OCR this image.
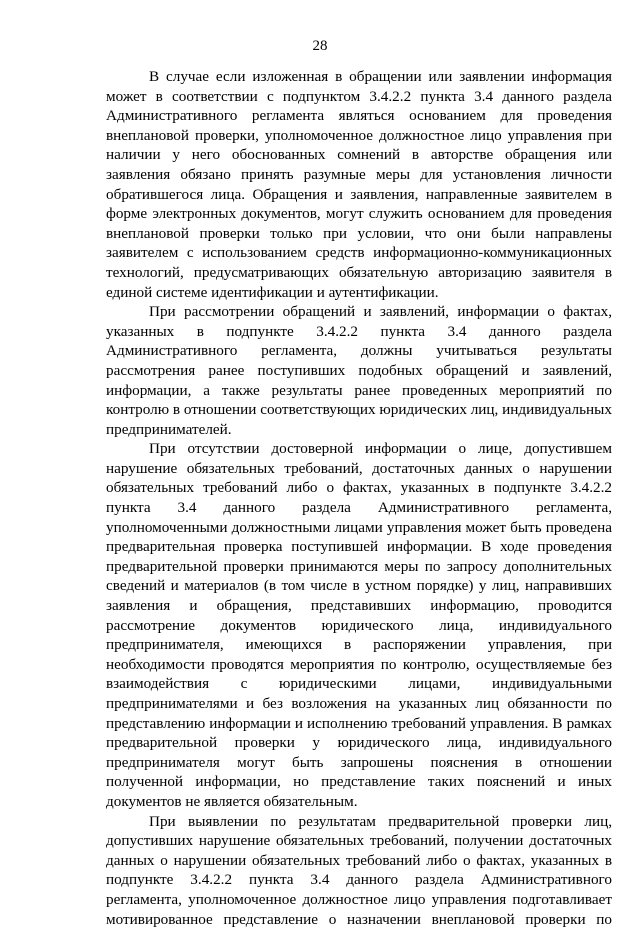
28
В случае если изложенная в обращении или заявлении информация
может в соответствии с подпунктом 3.4.2.2 пункта 3.4 данного раздела
Административного регламента являться основанием для проведения
внеплановой проверки, уполномоченное должностное лицо управления при
наличии у него обоснованных сомнений в авторстве обращения или
заявления обязано принять разумные меры для установления личности
обратившегося лица. Обращения и заявления, направленные заявителем в
форме электронных документов, могут служить основанием для проведения
внеплановой проверки только при условии, что они были направлены
заявителем с использованием средств информационно-коммуникационных
технологий, предусматривающих обязательную авторизацию заявителя в
единой системе идентификации и аутентификации.
При рассмотрении обращений и заявлений, информации о фактах,
указанных в подпункте 3.4.2.2 пункта 3.4 данного раздела
Административного регламента, должны учитываться результаты
рассмотрения ранее поступивших подобных обращений и заявлений,
информации, а также результаты ранее проведенных мероприятий по
контролю в отношении соответствующих юридических лиц, индивидуальных
предпринимателей.
При отсутствии достоверной информации о лице, допустившем
нарушение обязательных требований, достаточных данных о нарушении
обязательных требований либо о фактах, указанных в подпункте 3.4.2.2
пункта 3.4 данного раздела Административного регламента,
уполномоченными должностными лицами управления может быть проведена
предварительная проверка поступившей информации. В ходе проведения
предварительной проверки принимаются меры по запросу дополнительных
сведений и материалов (в том числе в устном порядке) у лиц, направивших
заявления и обращения, представивших информацию, проводится
рассмотрение документов юридического лица, индивидуального
предпринимателя, имеющихся в распоряжении управления, при
необходимости проводятся мероприятия по контролю, осуществляемые без
взаимодействия с юридическими лицами, индивидуальными
предпринимателями и без возложения на указанных лиц обязанности по
представлению информации и исполнению требований управления. В рамках
предварительной проверки у юридического лица, индивидуального
предпринимателя могут быть запрошены пояснения в отношении
полученной информации, но представление таких пояснений и иных
документов не является обязательным.
При выявлении по результатам предварительной проверки лиц,
допустивших нарушение обязательных требований, получении достаточных
данных о нарушении обязательных требований либо о фактах, указанных в
подпункте 3.4.2.2 пункта 3.4 данного раздела Административного
регламента, уполномоченное должностное лицо управления подготавливает
мотивированное представление о назначении внеплановой проверки по
